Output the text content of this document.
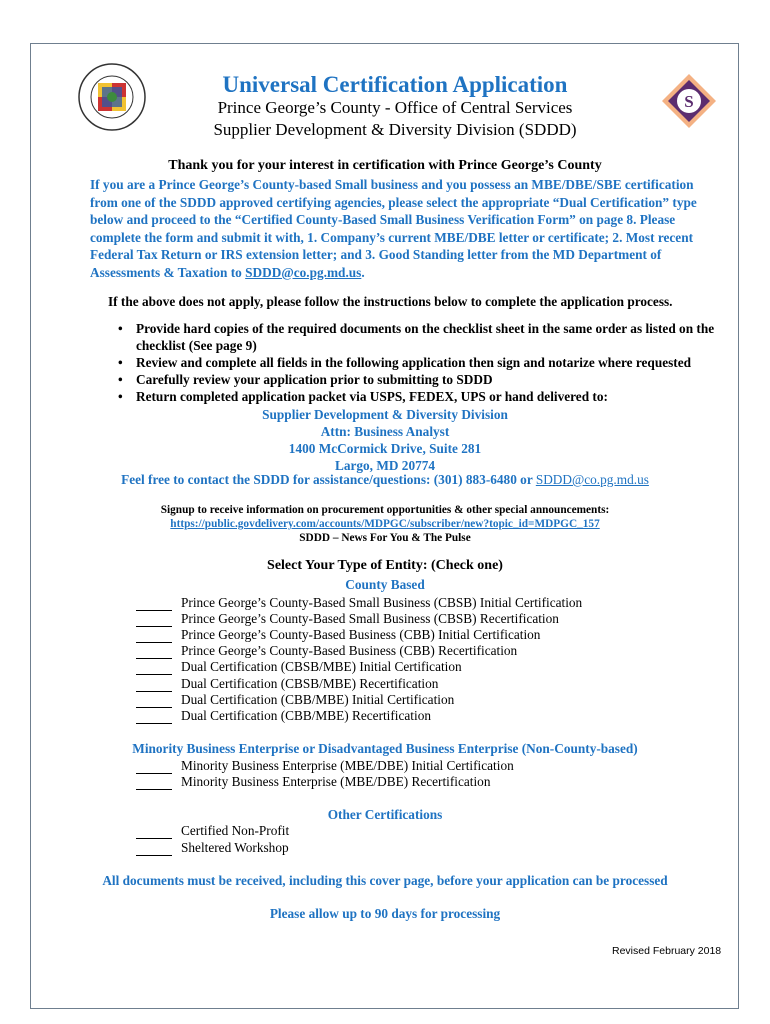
S
Universal Certification Application
Prince George’s County - Office of Central Services
Supplier Development & Diversity Division (SDDD)
Thank you for your interest in certification with Prince George’s County
If you are a Prince George’s County-based Small business and you possess an MBE/DBE/SBE certification from one of the SDDD approved certifying agencies, please select the appropriate “Dual Certification” type below and proceed to the “Certified County-Based Small Business Verification Form” on page 8. Please complete the form and submit it with, 1. Company’s current MBE/DBE letter or certificate; 2. Most recent Federal Tax Return or IRS extension letter; and 3. Good Standing letter from the MD Department of Assessments & Taxation to SDDD@co.pg.md.us.
If the above does not apply, please follow the instructions below to complete the application process.
• Provide hard copies of the required documents on the checklist sheet in the same order as listed on the checklist (See page 9)
• Review and complete all fields in the following application then sign and notarize where requested
• Carefully review your application prior to submitting to SDDD
• Return completed application packet via USPS, FEDEX, UPS or hand delivered to:
Supplier Development & Diversity Division
Attn: Business Analyst
1400 McCormick Drive, Suite 281
Largo, MD 20774
Feel free to contact the SDDD for assistance/questions: (301) 883-6480 or SDDD@co.pg.md.us
Signup to receive information on procurement opportunities & other special announcements:
https://public.govdelivery.com/accounts/MDPGC/subscriber/new?topic_id=MDPGC_157
SDDD – News For You & The Pulse
Select Your Type of Entity: (Check one)
County Based
Prince George’s County-Based Small Business (CBSB) Initial Certification
Prince George’s County-Based Small Business (CBSB) Recertification
Prince George’s County-Based Business (CBB) Initial Certification
Prince George’s County-Based Business (CBB) Recertification
Dual Certification (CBSB/MBE) Initial Certification
Dual Certification (CBSB/MBE) Recertification
Dual Certification (CBB/MBE) Initial Certification
Dual Certification (CBB/MBE) Recertification
Minority Business Enterprise or Disadvantaged Business Enterprise (Non-County-based)
Minority Business Enterprise (MBE/DBE) Initial Certification
Minority Business Enterprise (MBE/DBE) Recertification
Other Certifications
Certified Non-Profit
Sheltered Workshop
All documents must be received, including this cover page, before your application can be processed
Please allow up to 90 days for processing
Revised February 2018
